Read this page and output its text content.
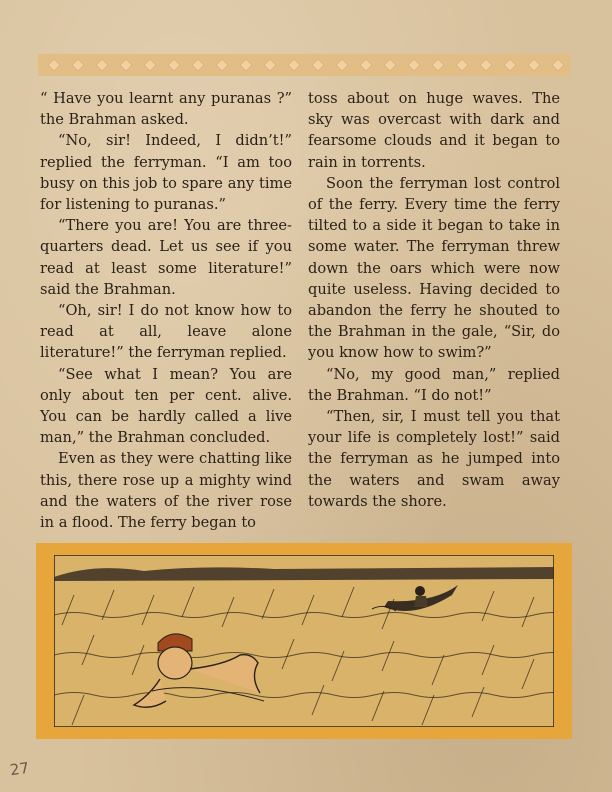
“ Have you learnt any puranas ?” the Brahman asked.

“No, sir! Indeed, I didn’t!” replied the ferryman. “I am too busy on this job to spare any time for listening to puranas.”

“There you are! You are three-quarters dead. Let us see if you read at least some literature!” said the Brahman.

“Oh, sir! I do not know how to read at all, leave alone literature!” the ferryman replied.

“See what I mean? You are only about ten per cent. alive. You can be hardly called a live man,” the Brahman concluded.

Even as they were chatting like this, there rose up a mighty wind and the waters of the river rose in a flood. The ferry began to

toss about on huge waves. The sky was overcast with dark and fearsome clouds and it began to rain in torrents.

Soon the ferryman lost control of the ferry. Every time the ferry tilted to a side it began to take in some water. The ferryman threw down the oars which were now quite useless. Having decided to abandon the ferry he shouted to the Brahman in the gale, “Sir, do you know how to swim?”

“No, my good man,” replied the Brahman. “I do not!”

“Then, sir, I must tell you that your life is completely lost!” said the ferryman as he jumped into the waters and swam away towards the shore.

27
